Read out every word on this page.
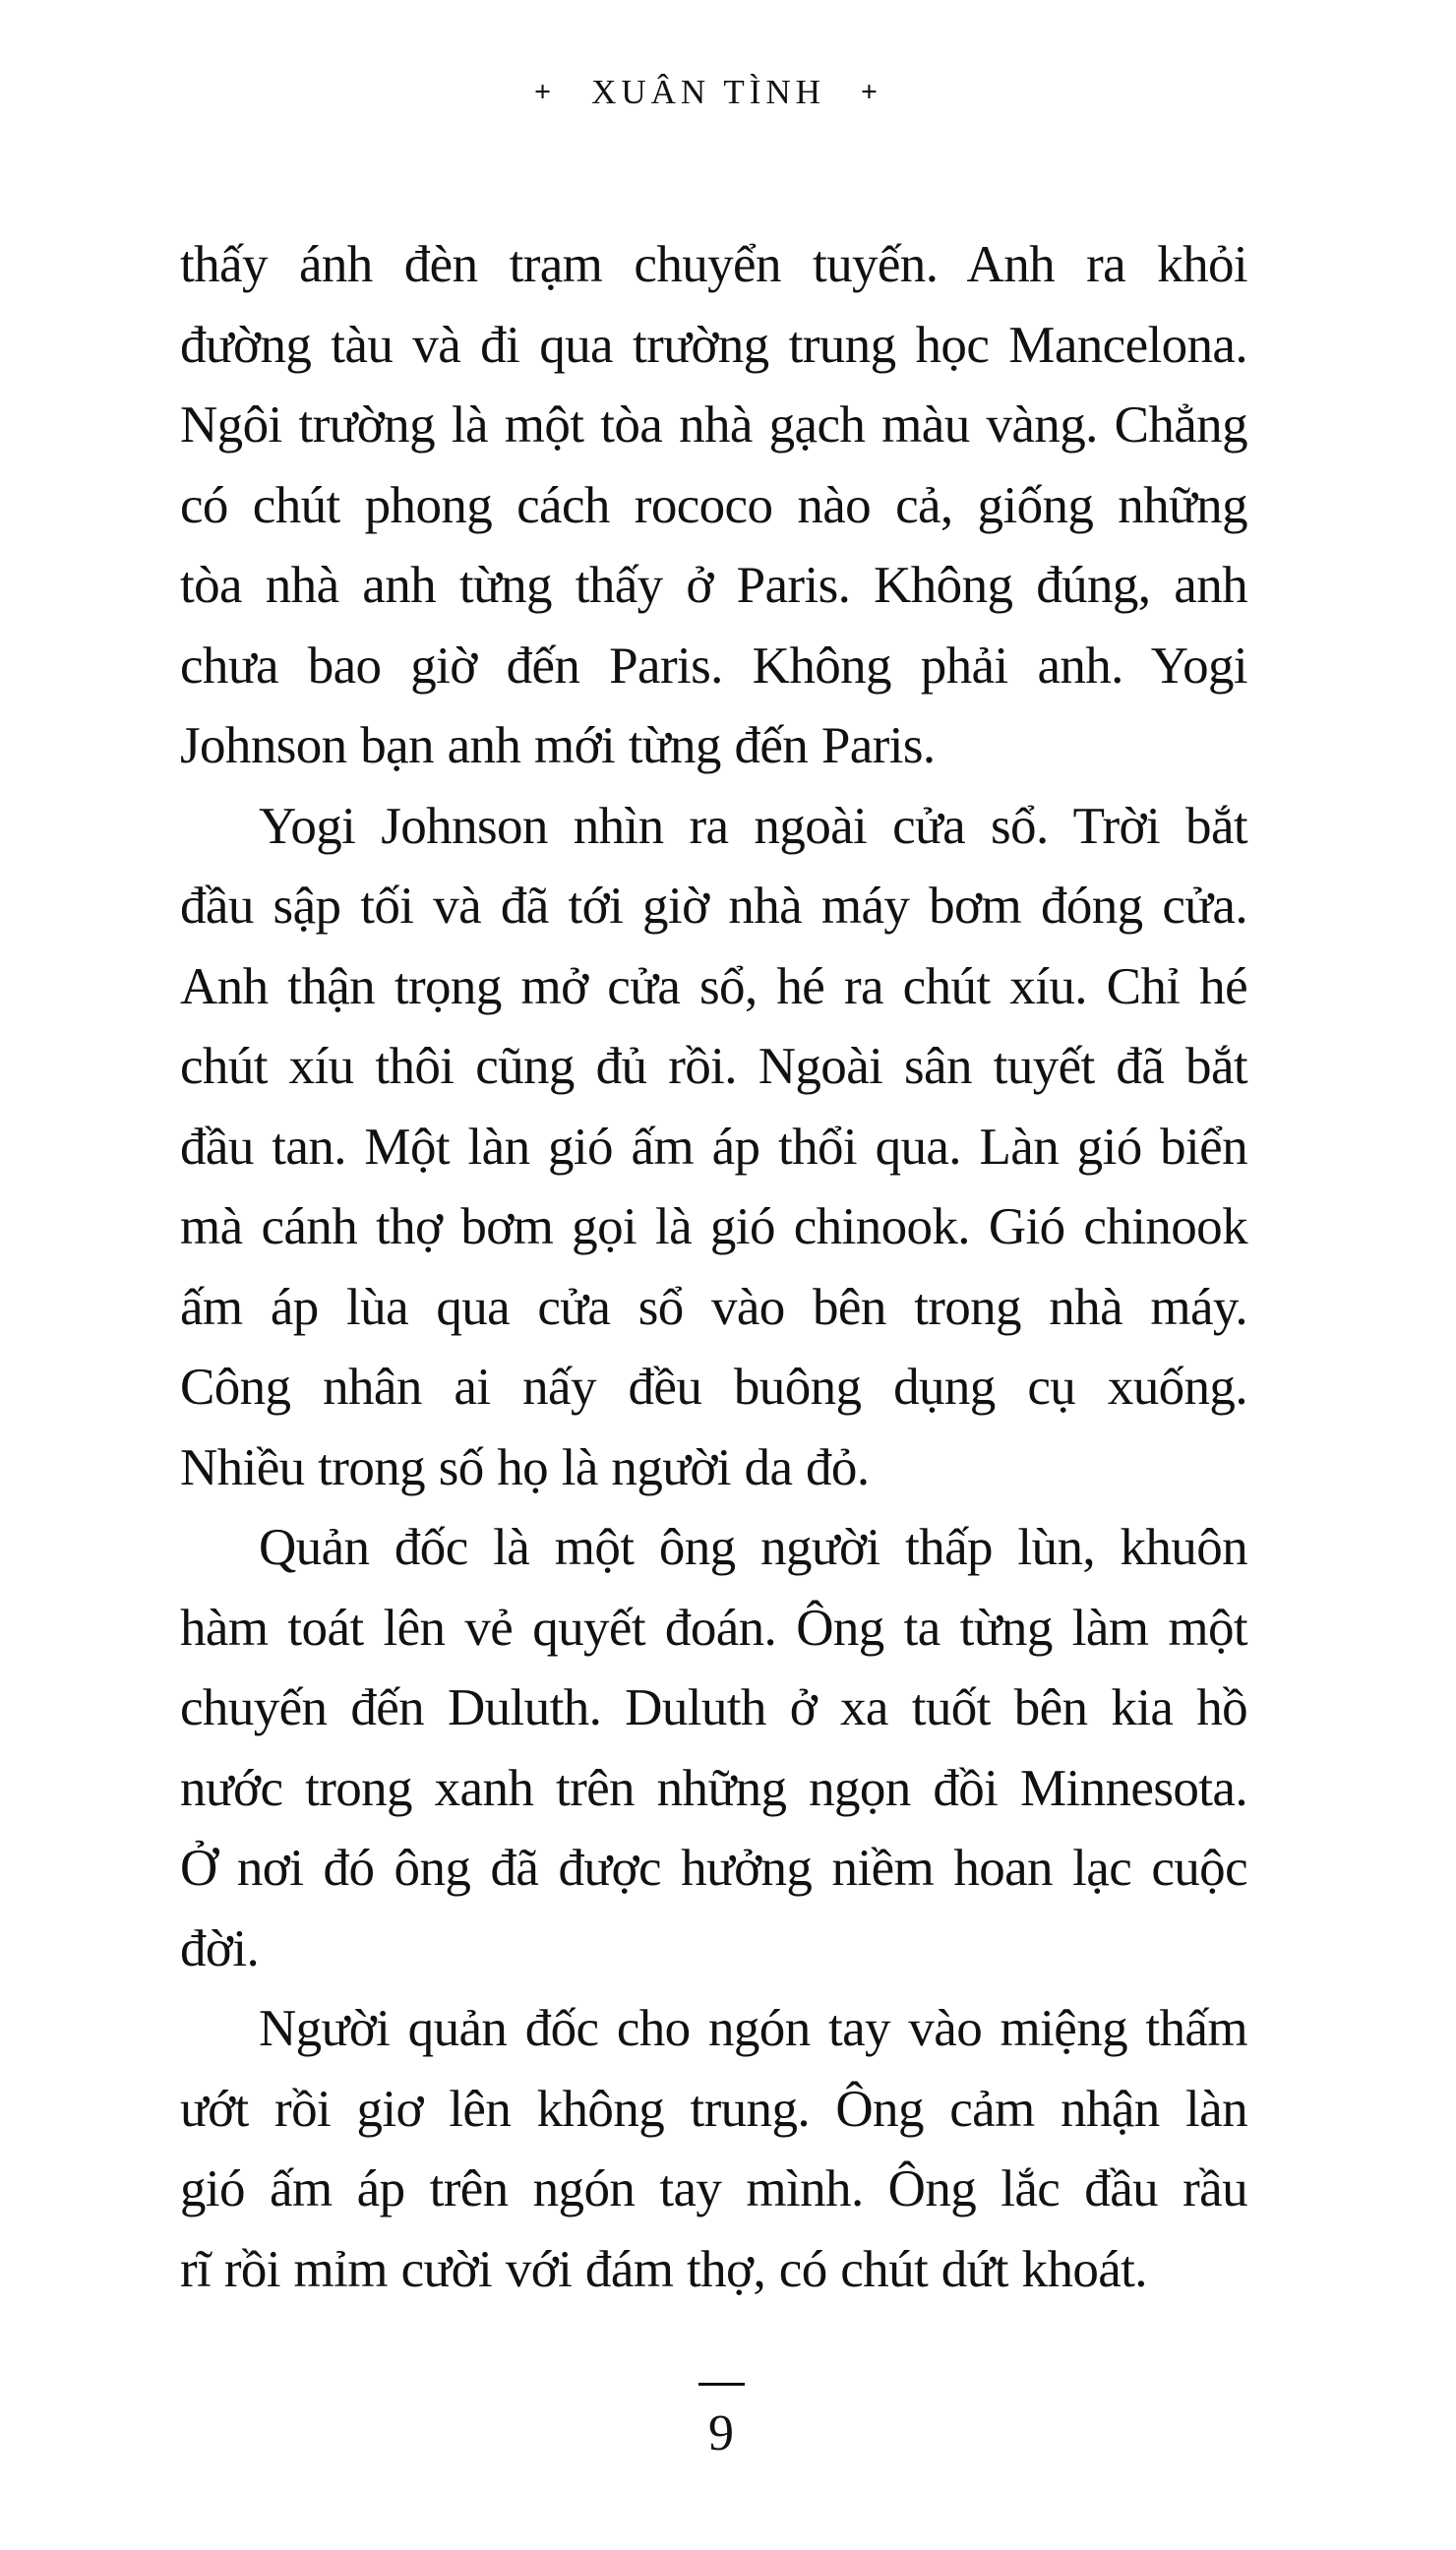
+ XUÂN TÌNH +
thấy ánh đèn trạm chuyển tuyến. Anh ra khỏi
đường tàu và đi qua trường trung học Mancelona.
Ngôi trường là một tòa nhà gạch màu vàng. Chẳng
có chút phong cách rococo nào cả, giống những
tòa nhà anh từng thấy ở Paris. Không đúng, anh
chưa bao giờ đến Paris. Không phải anh. Yogi
Johnson bạn anh mới từng đến Paris.
Yogi Johnson nhìn ra ngoài cửa sổ. Trời bắt
đầu sập tối và đã tới giờ nhà máy bơm đóng cửa.
Anh thận trọng mở cửa sổ, hé ra chút xíu. Chỉ hé
chút xíu thôi cũng đủ rồi. Ngoài sân tuyết đã bắt
đầu tan. Một làn gió ấm áp thổi qua. Làn gió biển
mà cánh thợ bơm gọi là gió chinook. Gió chinook
ấm áp lùa qua cửa sổ vào bên trong nhà máy.
Công nhân ai nấy đều buông dụng cụ xuống.
Nhiều trong số họ là người da đỏ.
Quản đốc là một ông người thấp lùn, khuôn
hàm toát lên vẻ quyết đoán. Ông ta từng làm một
chuyến đến Duluth. Duluth ở xa tuốt bên kia hồ
nước trong xanh trên những ngọn đồi Minnesota.
Ở nơi đó ông đã được hưởng niềm hoan lạc cuộc
đời.
Người quản đốc cho ngón tay vào miệng thấm
ướt rồi giơ lên không trung. Ông cảm nhận làn
gió ấm áp trên ngón tay mình. Ông lắc đầu rầu
rĩ rồi mỉm cười với đám thợ, có chút dứt khoát.
9
